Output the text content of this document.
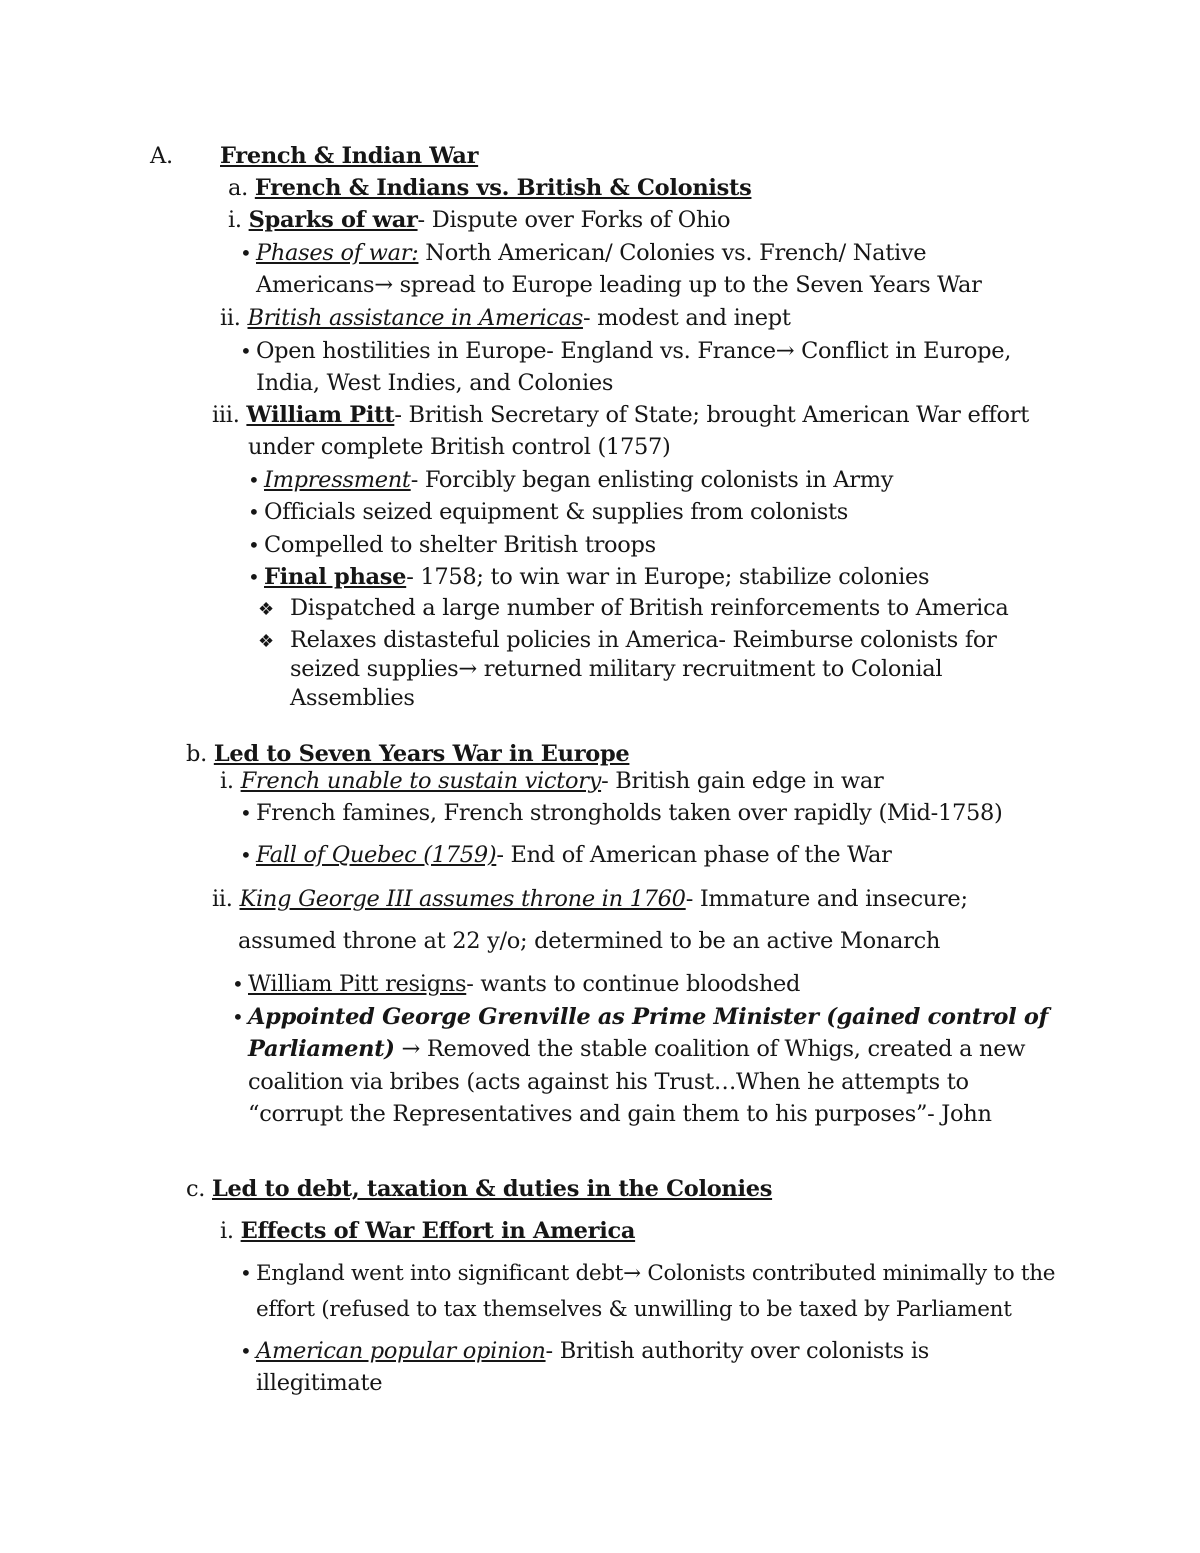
A. French & Indian War
a. French & Indians vs. British & Colonists
i. Sparks of war- Dispute over Forks of Ohio
• Phases of war: North American/ Colonies vs. French/ Native
Americans→ spread to Europe leading up to the Seven Years War
ii. British assistance in Americas- modest and inept
• Open hostilities in Europe- England vs. France→ Conflict in Europe,
India, West Indies, and Colonies
iii. William Pitt- British Secretary of State; brought American War effort
under complete British control (1757)
• Impressment- Forcibly began enlisting colonists in Army
• Officials seized equipment & supplies from colonists
• Compelled to shelter British troops
• Final phase- 1758; to win war in Europe; stabilize colonies
❖ Dispatched a large number of British reinforcements to America
❖ Relaxes distasteful policies in America- Reimburse colonists for
seized supplies→ returned military recruitment to Colonial
Assemblies
b. Led to Seven Years War in Europe
i. French unable to sustain victory- British gain edge in war
• French famines, French strongholds taken over rapidly (Mid-1758)
• Fall of Quebec (1759)- End of American phase of the War
ii. King George III assumes throne in 1760- Immature and insecure;
assumed throne at 22 y/o; determined to be an active Monarch
• William Pitt resigns- wants to continue bloodshed
• Appointed George Grenville as Prime Minister (gained control of
Parliament) → Removed the stable coalition of Whigs, created a new
coalition via bribes (acts against his Trust…When he attempts to
“corrupt the Representatives and gain them to his purposes”- John
c. Led to debt, taxation & duties in the Colonies
i. Effects of War Effort in America
• England went into significant debt→ Colonists contributed minimally to the
effort (refused to tax themselves & unwilling to be taxed by Parliament
• American popular opinion- British authority over colonists is
illegitimate
